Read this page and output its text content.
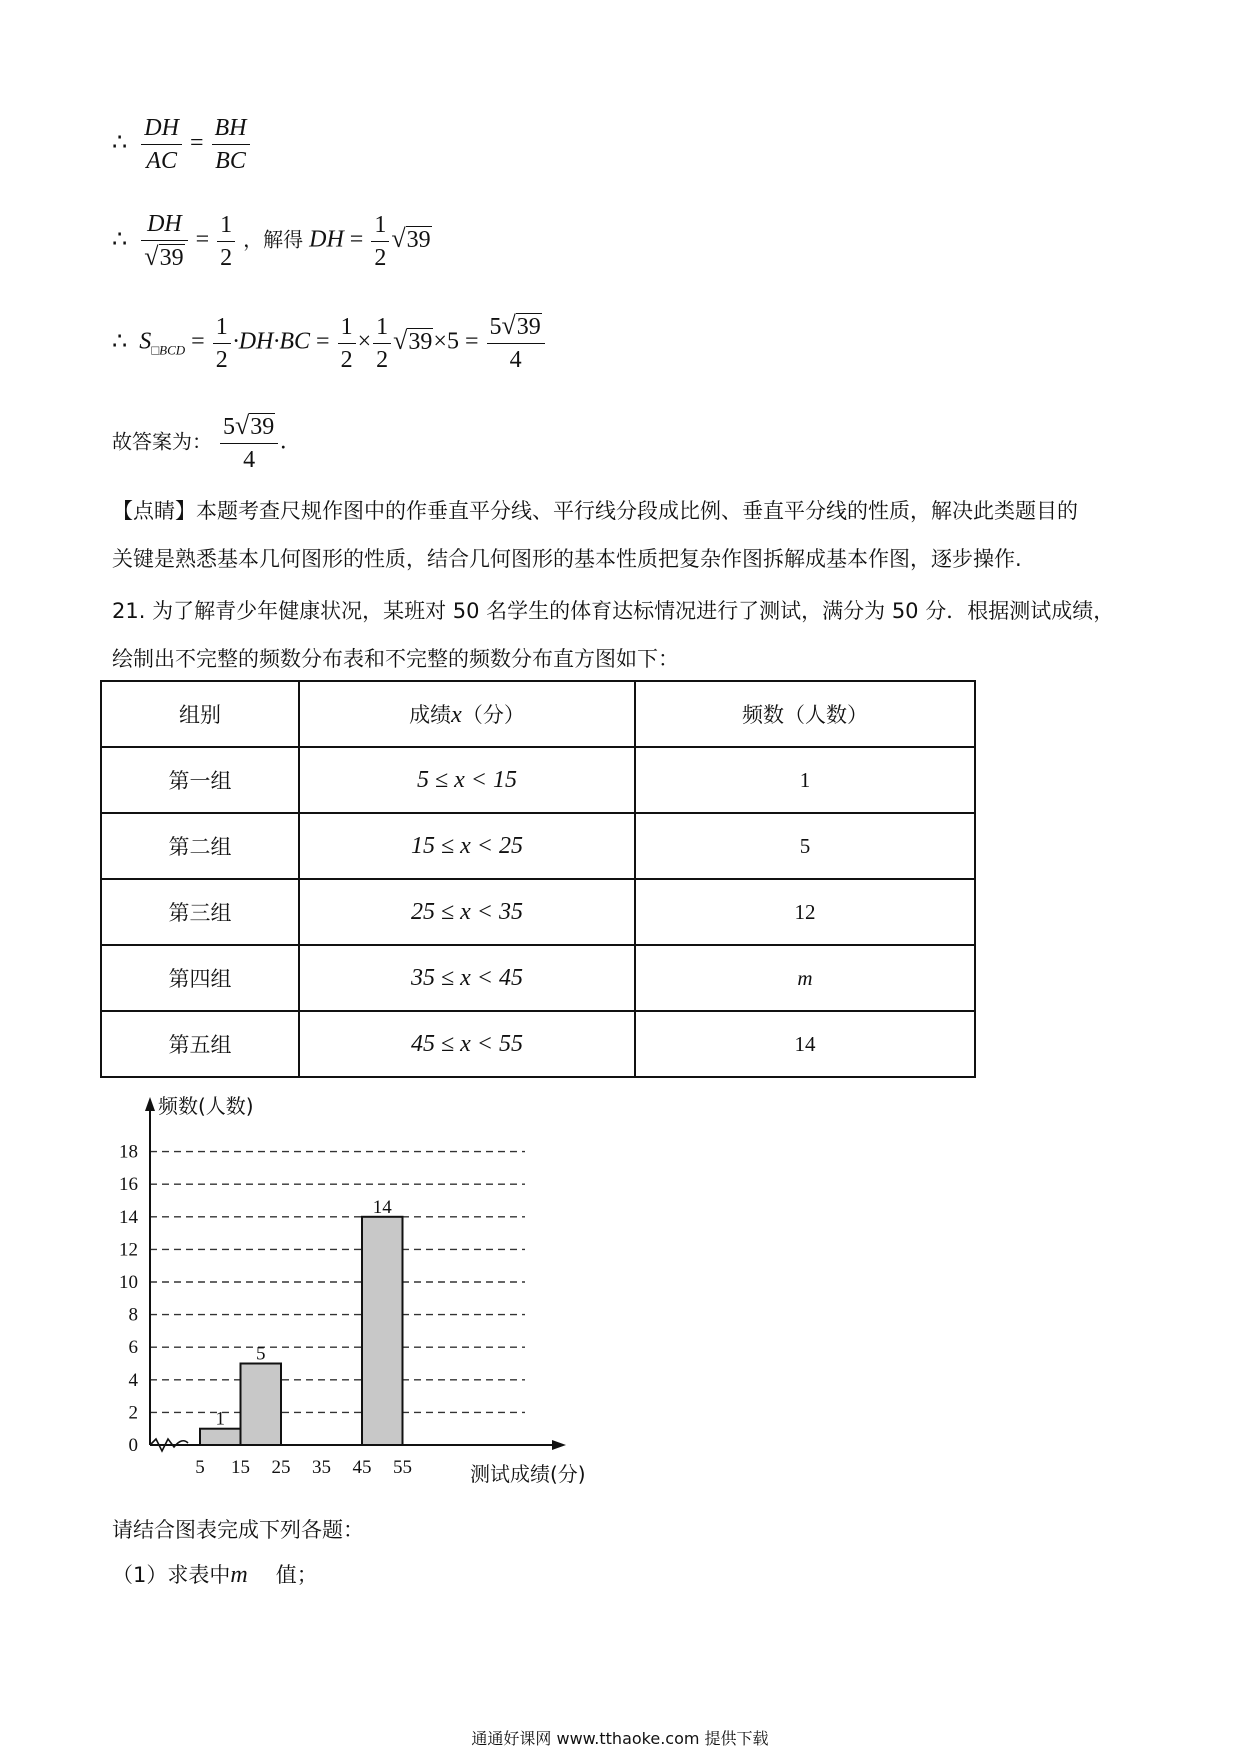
∴ $\frac{DH}{AC} = \frac{BH}{BC}$
∴ $\frac{DH}{√39} = \frac{1}{2}$ ，解得 DH = $\frac{1}{2} √39$
∴ $S_{□BCD} = \frac{1}{2} \cdot DH\cdot BC = \frac{1}{2} \times \frac{1}{2} √39\times 5 = \frac{5√39}{4}$
故答案为： $\frac{5√39}{4}$ .
【点睛】本题考查尺规作图中的作垂直平分线、平行线分段成比例、垂直平分线的性质，解决此类题目的
关键是熟悉基本几何图形的性质，结合几何图形的基本性质把复杂作图拆解成基本作图，逐步操作.
21. 为了解青少年健康状况，某班对 50 名学生的体育达标情况进行了测试，满分为 50 分．根据测试成绩，
绘制出不完整的频数分布表和不完整的频数分布直方图如下：
组别	成绩x（分）	频数（人数）
第一组	5 ≤ x < 15	1
第二组	15 ≤ x < 25	5
第三组	25 ≤ x < 35	12
第四组	35 ≤ x < 45	m
第五组	45 ≤ x < 55	14
0
2
4
6
8
10
12
14
16
18
1
5
14
5 15 25 35 45 55
频数(人数)
测试成绩(分)
请结合图表完成下列各题：
（1）求表中m 值；
通通好课网 www.tthaoke.com 提供下载
